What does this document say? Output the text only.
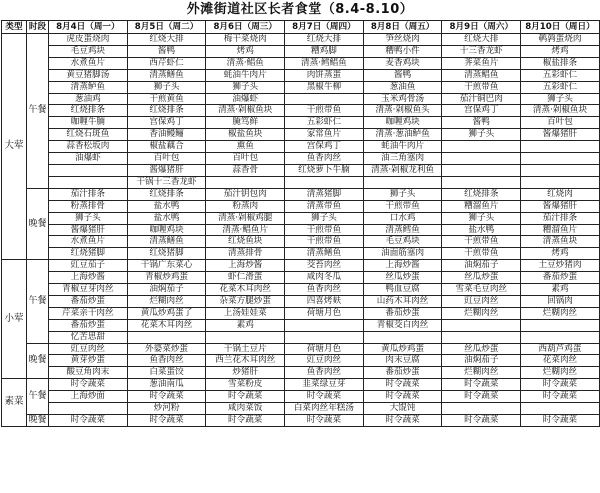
外滩街道社区长者食堂（8.4-8.10）
类型	时段	8月4日（周一）	8月5日（周二）	8月6日（周三）	8月7日（周四）	8月8日（周五）	8月9日（周六）	8月10日（周日）
大荤	午餐	虎皮蛋烧肉	红烧大排	梅干菜烧肉	红烧大排	笋丝烧肉	红烧大排	鹌鹑蛋烧肉
		毛豆鸡块	酱鸭	烤鸡	糟鸡脚	糟鸭小件	十三香龙虾	烤鸡
		水煮鱼片	西芹虾仁	清蒸·鲳鱼	清蒸·鳕鲳鱼	麦香鸡块	荠菜鱼片	椒盐排条
		黄豆猪脚汤	清蒸鳝鱼	蚝油牛肉片	肉饼蒸蛋	酱鸭	清蒸鲳鱼	五彩虾仁
		清蒸鲈鱼	狮子头	狮子头	黑椒牛柳	葱油鱼	干煎带鱼	五彩虾仁
		葱油鸡	干煎黄鱼	油爆虾		玉米鸡骨汤	茄汁铜巴肉	狮子头
		红烧排条	红烧排条	清蒸·剁椒鱼块	干煎带鱼	清蒸·剁椒鱼头	宫保鸡丁	清蒸·剁椒鱼块
		咖喱牛腩	宫保鸡丁	腌笃鲜	五彩虾仁	咖喱鸡块	酱鸭	百叶包
		红烧石斑鱼	香油鳗鲡	椒盐鱼块	家常鱼片	清蒸·葱油鲈鱼	狮子头	酱爆猪肝
		蒜香松坂肉	椒盐藕合	熏鱼	宫保鸡丁	蚝油牛肉片		
		油爆虾	百叶包	百叶包	鱼香肉丝	油三角塞肉		
			酱爆猪肝	蒜香骨	红烧萝卜牛腩	清蒸·剁椒龙利鱼		
			干锅十三香龙虾					
	晚餐	茄汁排条	红烧排条	茄汁钥包肉	清蒸猪脚	狮子头	红烧排条	红烧肉
		粉蒸排骨	盐水鸭	粉蒸肉	清蒸带鱼	干煎带鱼	糟溜鱼片	酱爆猪肝
		狮子头	盐水鸭	清蒸·剁椒鸡腿	狮子头	口水鸡	狮子头	茄汁排条
		酱爆猪肝	咖喱鸡块	清蒸·鲳鱼片	干煎带鱼	清蒸鳕鱼	盐水鸭	糟溜鱼片
		水煮鱼片	清蒸鳝鱼	红烧鱼块	干煎带鱼	毛豆鸡块	干煎带鱼	清蒸鱼块
		红烧猪脚	红烧猪脚	清蒸排骨	清蒸鳝鱼	油面筋塞肉	干煎带鱼	烤鸡
小荤	午餐	豇豆茄子	干锅广东菜心	上海炒酱	茭苔肉丝	上海炒酱	油焖茄子	土豆炒猪肉
		上海炒酱	青椒炒鸡蛋	虾仁滑蛋	咸肉冬瓜	丝瓜炒蛋	丝瓜炒蛋	番茄炒蛋
		青椒豆芽肉丝	油焖茄子	花菜木耳肉丝	鱼香肉丝	鸭血豆腐	雪菜毛豆肉丝	素鸡
		番茄炒蛋	烂糊肉丝	杂菜方腿炒蛋	四喜烤麸	山药木耳肉丝	豇豆肉丝	回锅肉
		芹菜亲干肉丝	黄瓜炒鸡蛋了	上汤娃娃菜	荷塘月色	番茄炒蛋	烂糊肉丝	烂糊肉丝
		番茄炒蛋	花菜木耳肉丝	素鸡		青椒茭白肉丝		
		忆苦思甜						
	晚餐	豇豆肉丝	外婆菜炒蛋	干锅土豆片	荷塘月色	黄瓜炒鸡蛋	丝瓜炒蛋	西葫芦鸡蛋
		黄芽炒蛋	鱼香肉丝	西兰花木耳肉丝	豇豆肉丝	肉末豆腐	油焖茄子	花菜肉丝
		酸豆角肉末	白菜蛋饺	炒猪肝	鱼香肉丝	番茄炒蛋	烂糊肉丝	烂糊肉丝
素菜	午餐	时令蔬菜	葱油南瓜	雪菜粉皮	韭菜绿豆芽	时令蔬菜	时令蔬菜	时令蔬菜
		上海炒面	时令蔬菜	时令蔬菜	时令蔬菜	时令蔬菜	时令蔬菜	时令蔬菜
			炒河粉	咸肉菜饭	白菜肉丝年糕汤	大馄饨		
	晚餐	时令蔬菜	时令蔬菜	时令蔬菜	时令蔬菜	时令蔬菜	时令蔬菜	时令蔬菜
